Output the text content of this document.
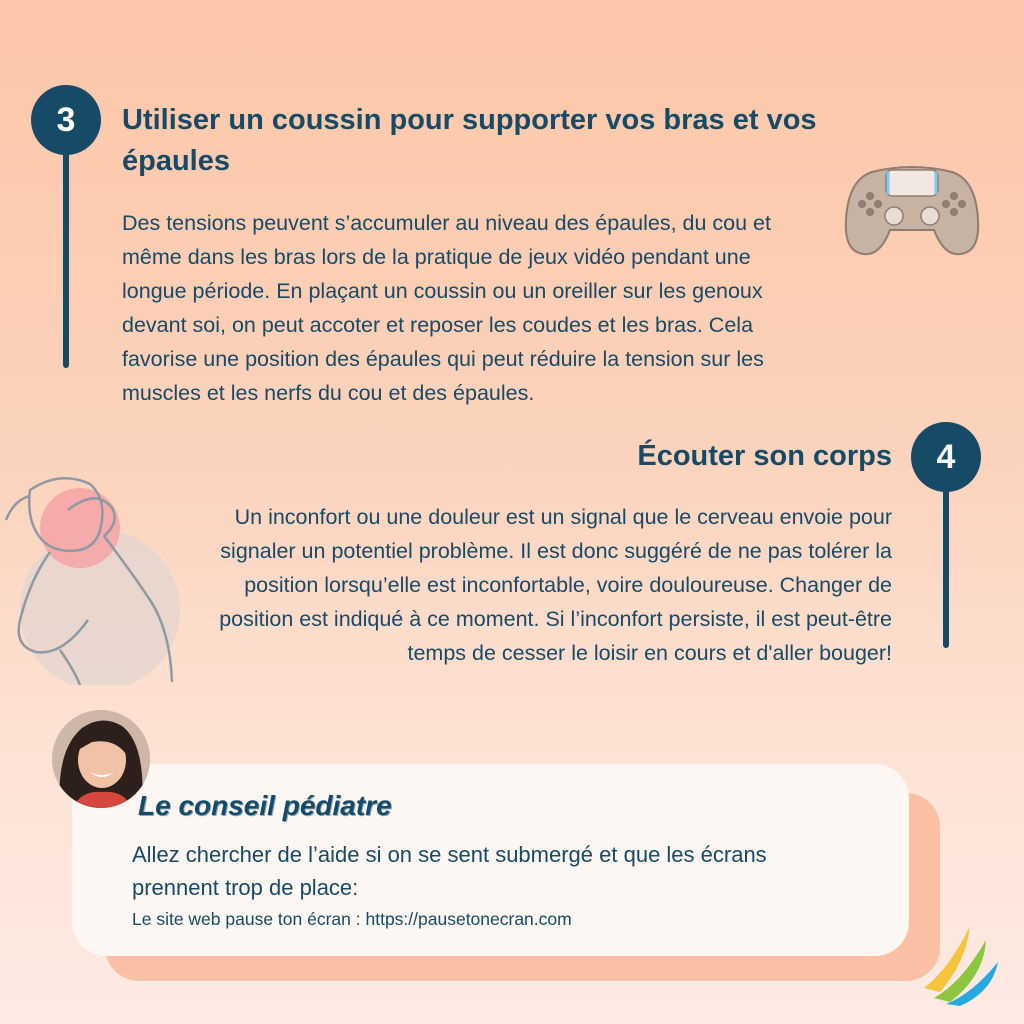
3 Utiliser un coussin pour supporter vos bras et vos
épaules
Des tensions peuvent s’accumuler au niveau des épaules, du cou et
même dans les bras lors de la pratique de jeux vidéo pendant une
longue période. En plaçant un coussin ou un oreiller sur les genoux
devant soi, on peut accoter et reposer les coudes et les bras. Cela
favorise une position des épaules qui peut réduire la tension sur les
muscles et les nerfs du cou et des épaules.
4
Écouter son corps
Un inconfort ou une douleur est un signal que le cerveau envoie pour
signaler un potentiel problème. Il est donc suggéré de ne pas tolérer la
position lorsqu’elle est inconfortable, voire douloureuse. Changer de
position est indiqué à ce moment. Si l’inconfort persiste, il est peut-être
temps de cesser le loisir en cours et d'aller bouger!
Le conseil pédiatre
Allez chercher de l’aide si on se sent submergé et que les écrans
prennent trop de place:
Le site web pause ton écran : https://pausetonecran.com
